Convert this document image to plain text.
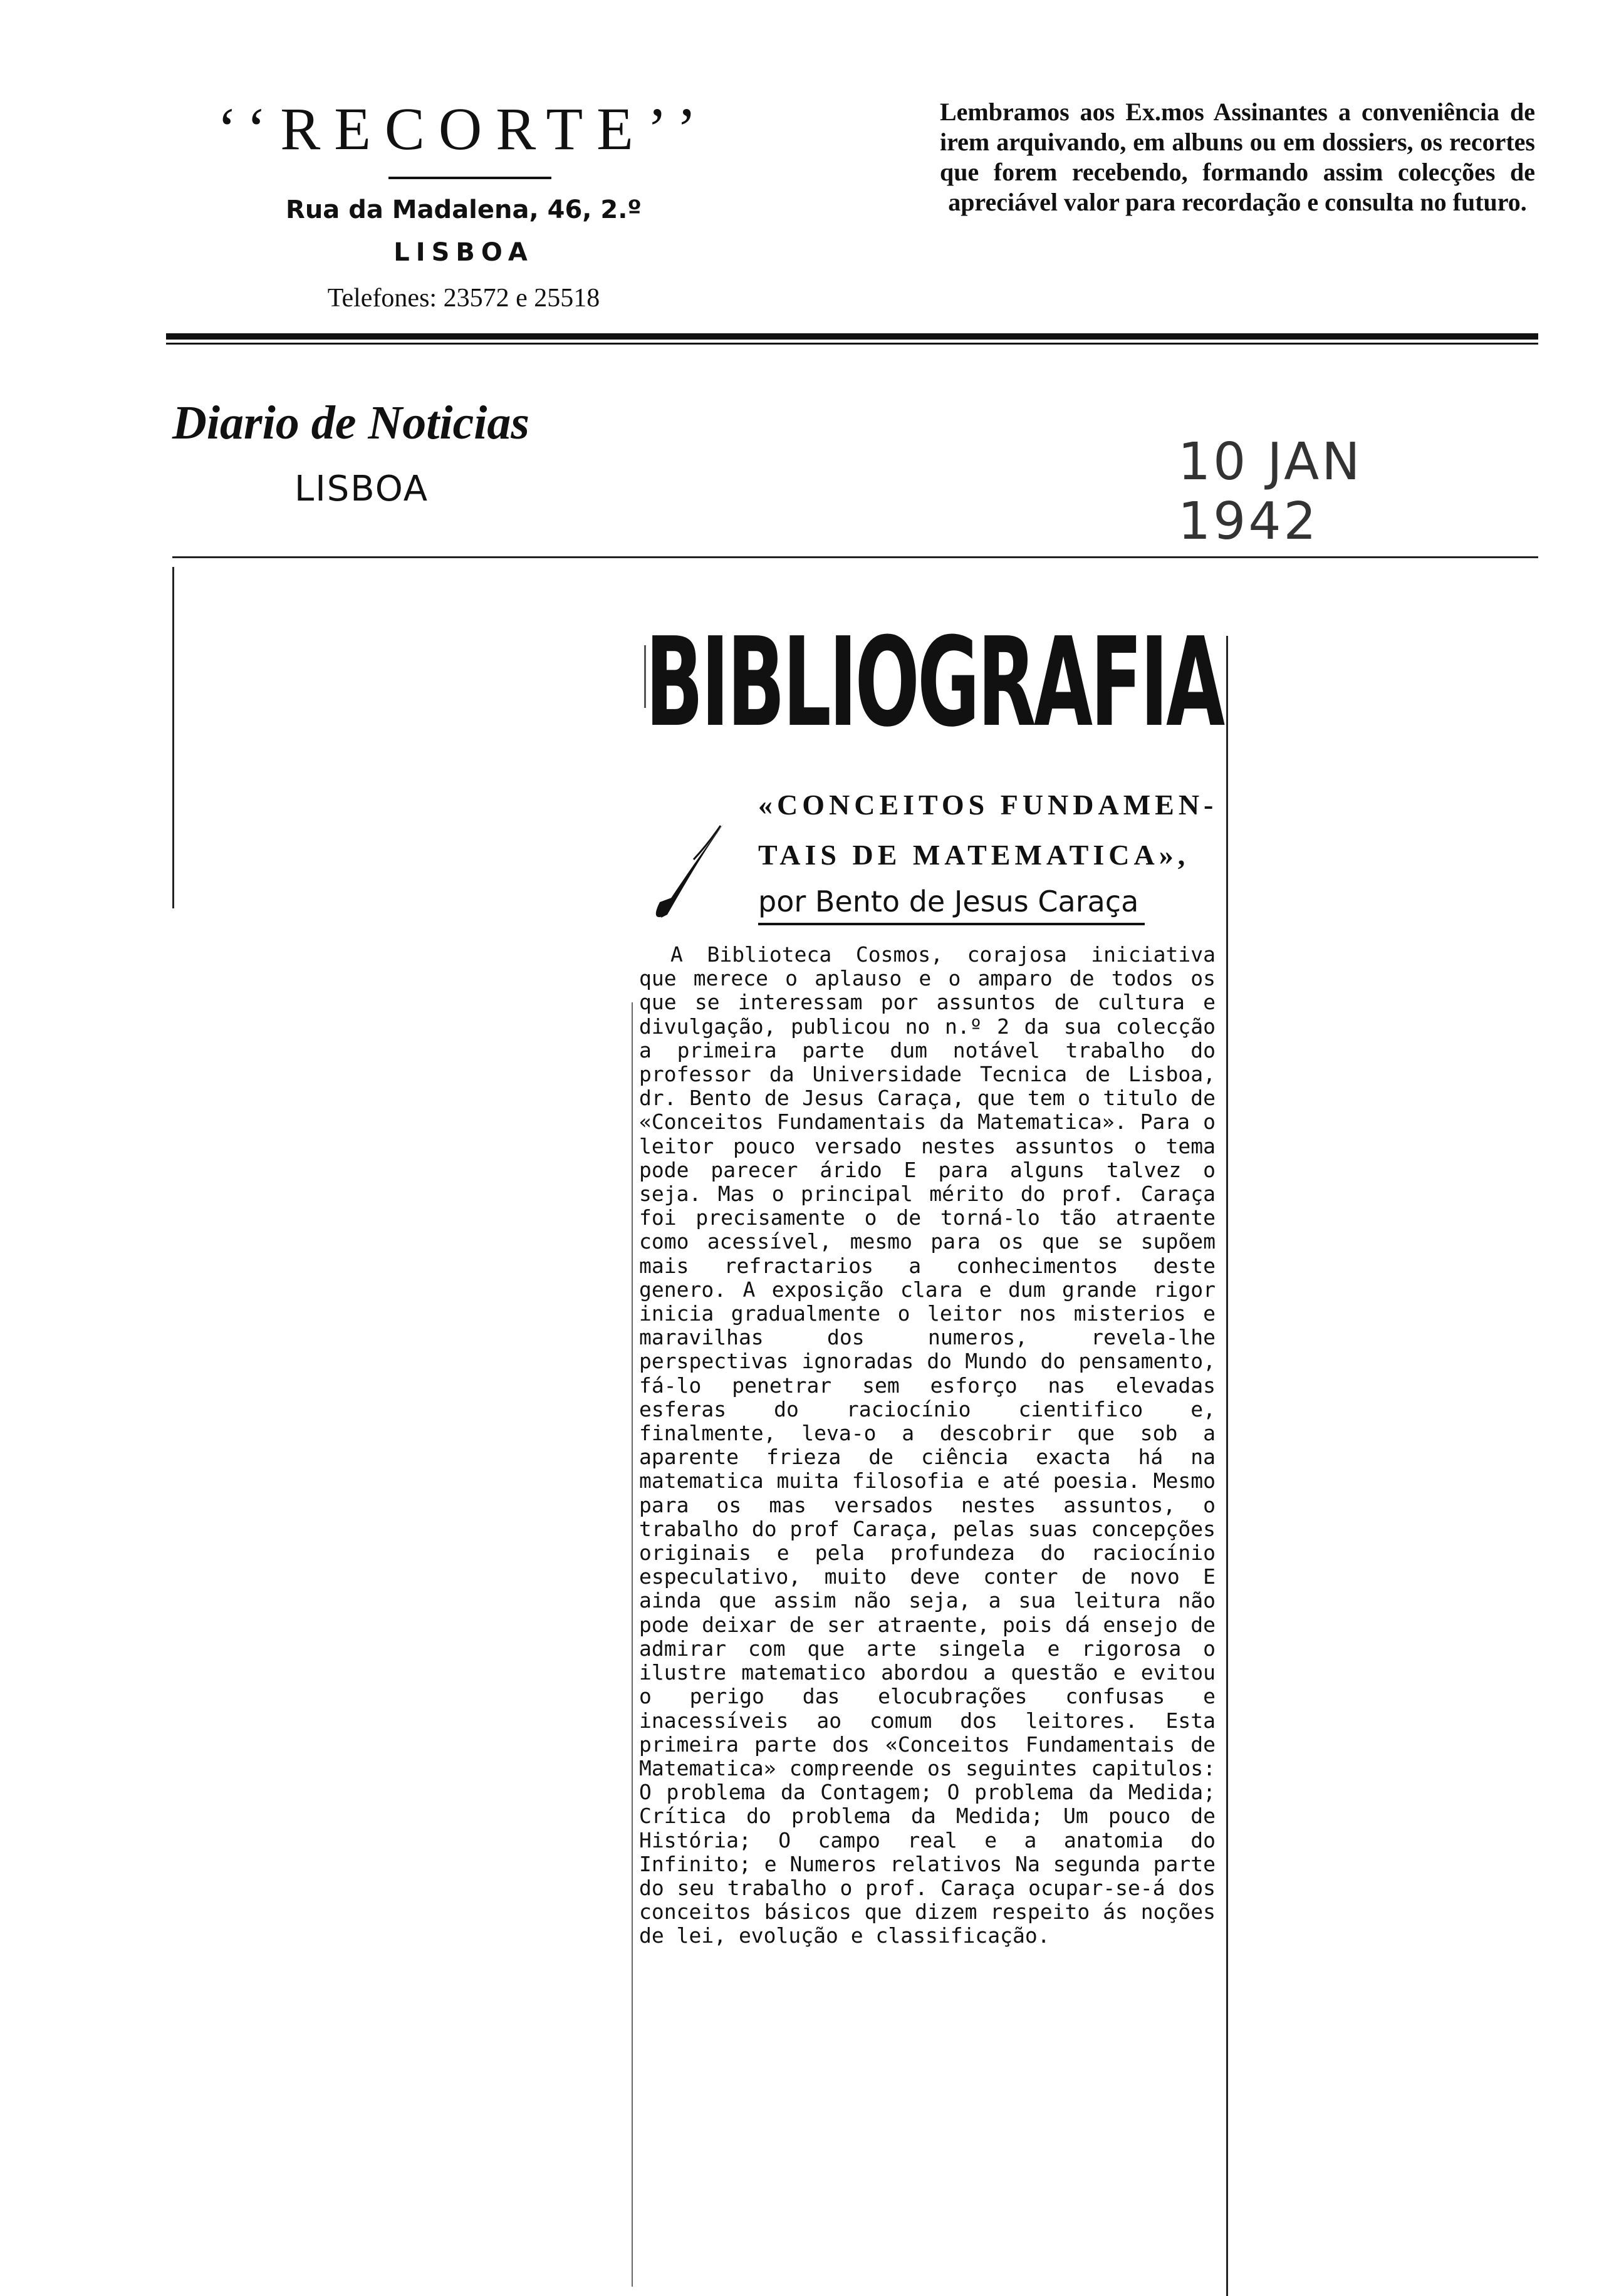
‘‘RECORTE’’
Rua da Madalena, 46, 2.º
LISBOA
Telefones: 23572 e 25518
Lembramos aos Ex.mos Assinantes a conveniência de irem arquivando, em albuns ou em dossiers, os recortes que forem recebendo, formando assim colecções de apreciável valor para recordação e consulta no futuro.
Diario de Noticias
LISBOA	10 JAN 1942
BIBLIOGRAFIA
«CONCEITOS FUNDAMEN-
TAIS DE MATEMATICA»,
por Bento de Jesus Caraça
A Biblioteca Cosmos, corajosa iniciativa que merece o aplauso e o amparo de todos os que se interessam por assuntos de cultura e divulgação, publicou no n.º 2 da sua colecção a primeira parte dum notável trabalho do professor da Universidade Tecnica de Lisboa, dr. Bento de Jesus Caraça, que tem o titulo de «Conceitos Fundamentais da Matematica». Para o leitor pouco versado nestes assuntos o tema pode parecer árido E para alguns talvez o seja. Mas o principal mérito do prof. Caraça foi precisamente o de torná-lo tão atraente como acessível, mesmo para os que se supõem mais refractarios a conhecimentos deste genero. A exposição clara e dum grande rigor inicia gradualmente o leitor nos misterios e maravilhas dos numeros, revela-lhe perspectivas ignoradas do Mundo do pensamento, fá-lo penetrar sem esforço nas elevadas esferas do raciocínio cientifico e, finalmente, leva-o a descobrir que sob a aparente frieza de ciência exacta há na matematica muita filosofia e até poesia. Mesmo para os mas versados nestes assuntos, o trabalho do prof Caraça, pelas suas concepções originais e pela profundeza do raciocínio especulativo, muito deve conter de novo E ainda que assim não seja, a sua leitura não pode deixar de ser atraente, pois dá ensejo de admirar com que arte singela e rigorosa o ilustre matematico abordou a questão e evitou o perigo das elocubrações confusas e inacessíveis ao comum dos leitores. Esta primeira parte dos «Conceitos Fundamentais de Matematica» compreende os seguintes capitulos: O problema da Contagem; O problema da Medida; Crítica do problema da Medida; Um pouco de História; O campo real e a anatomia do Infinito; e Numeros relativos Na segunda parte do seu trabalho o prof. Caraça ocupar-se-á dos conceitos básicos que dizem respeito ás noções de lei, evolução e classificação.
